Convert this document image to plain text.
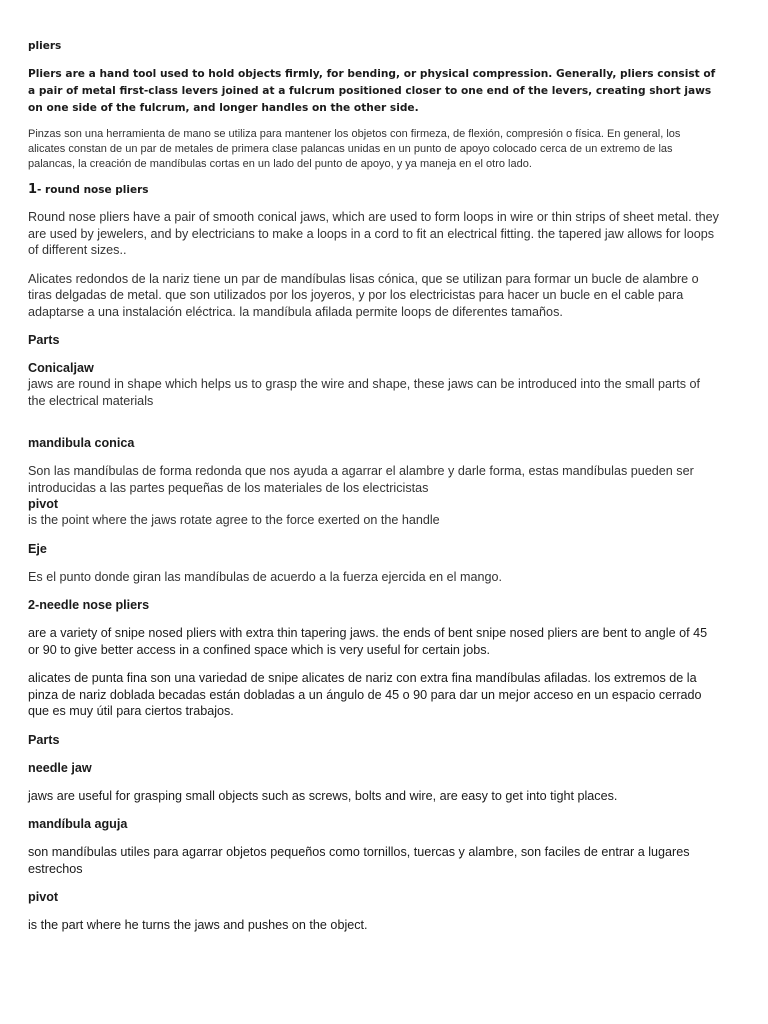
pliers

Pliers are a hand tool used to hold objects firmly, for bending, or physical compression. Generally, pliers consist of a pair of metal first-class levers joined at a fulcrum positioned closer to one end of the levers, creating short jaws on one side of the fulcrum, and longer handles on the other side.

Pinzas son una herramienta de mano se utiliza para mantener los objetos con firmeza, de flexión, compresión o física. En general, los alicates constan de un par de metales de primera clase palancas unidas en un punto de apoyo colocado cerca de un extremo de las palancas, la creación de mandíbulas cortas en un lado del punto de apoyo, y ya maneja en el otro lado.

1- round nose pliers

Round nose pliers have a pair of smooth conical jaws, which are used to form loops in wire or thin strips of sheet metal. they are used by jewelers, and by electricians to make a loops in a cord to fit an electrical fitting. the tapered jaw allows for loops of different sizes..

Alicates redondos de la nariz tiene un par de mandíbulas lisas cónica, que se utilizan para formar un bucle de alambre o tiras delgadas de metal. que son utilizados por los joyeros, y por los electricistas para hacer un bucle en el cable para adaptarse a una instalación eléctrica. la mandíbula afilada permite loops de diferentes tamaños.

Parts
Conicaljaw

jaws are round in shape which helps us to grasp the wire and shape, these jaws can be introduced into the small parts of the electrical materials

mandibula conica

Son las mandíbulas de forma redonda que nos ayuda a agarrar el alambre y darle forma, estas mandíbulas pueden ser introducidas a las partes pequeñas de los materiales de los electricistas

pivot

is the point where the jaws rotate agree to the force exerted on the handle

Eje

Es el punto donde giran las mandíbulas de acuerdo a la fuerza ejercida en el mango.

2-needle nose pliers

are a variety of snipe nosed pliers with extra thin tapering jaws. the ends of bent snipe nosed pliers are bent to angle of 45 or 90 to give better access in a confined space which is very useful for certain jobs.

alicates de punta fina son una variedad de snipe alicates de nariz con extra fina mandíbulas afiladas. los extremos de la pinza de nariz doblada becadas están dobladas a un ángulo de 45 o 90 para dar un mejor acceso en un espacio cerrado que es muy útil para ciertos trabajos.

Parts
needle jaw

jaws are useful for grasping small objects such as screws, bolts and wire, are easy to get into tight places.

mandíbula aguja

son mandíbulas utiles para agarrar objetos pequeños como tornillos, tuercas y alambre, son faciles de entrar a lugares estrechos

pivot

is the part where he turns the jaws and pushes on the object.
